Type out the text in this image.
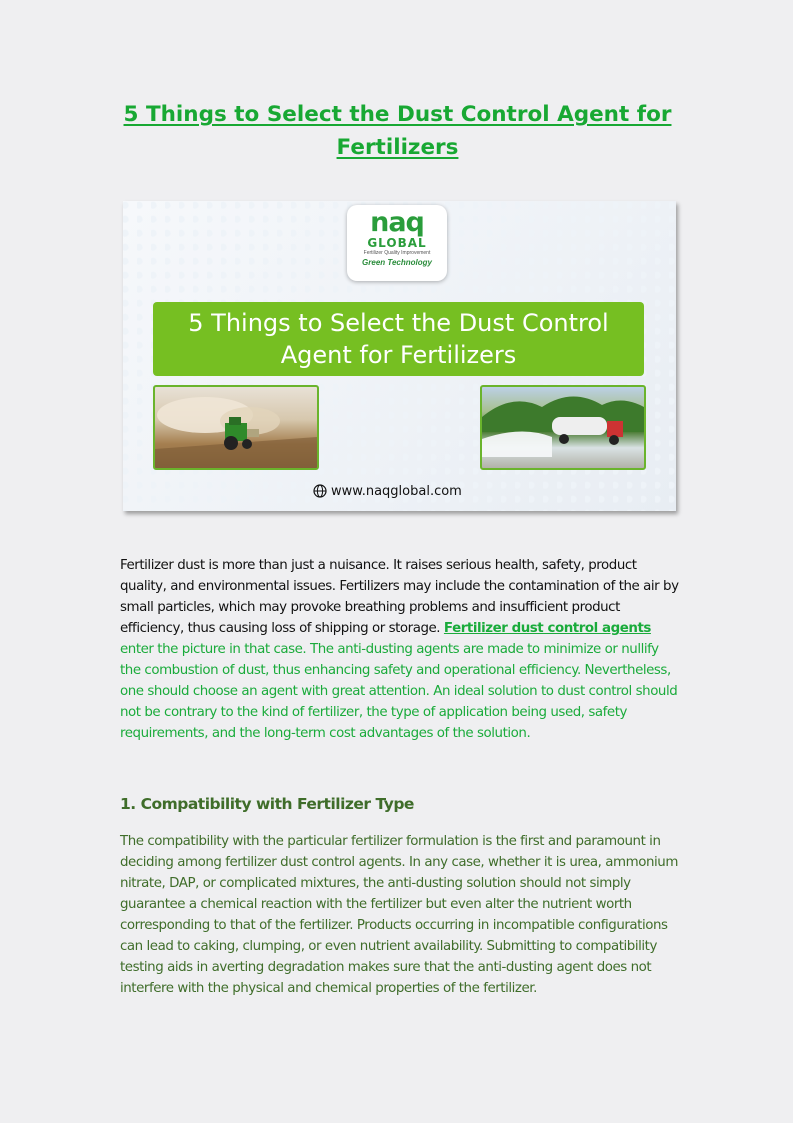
5 Things to Select the Dust Control Agent for Fertilizers
naq
GLOBAL
Fertilizer Quality Improvement
Green Technology
5 Things to Select the Dust Control Agent for Fertilizers
www.naqglobal.com

Fertilizer dust is more than just a nuisance. It raises serious health, safety, product quality, and environmental issues. Fertilizers may include the contamination of the air by small particles, which may provoke breathing problems and insufficient product efficiency, thus causing loss of shipping or storage. Fertilizer dust control agents enter the picture in that case. The anti-dusting agents are made to minimize or nullify the combustion of dust, thus enhancing safety and operational efficiency. Nevertheless, one should choose an agent with great attention. An ideal solution to dust control should not be contrary to the kind of fertilizer, the type of application being used, safety requirements, and the long-term cost advantages of the solution.

1. Compatibility with Fertilizer Type

The compatibility with the particular fertilizer formulation is the first and paramount in deciding among fertilizer dust control agents. In any case, whether it is urea, ammonium nitrate, DAP, or complicated mixtures, the anti-dusting solution should not simply guarantee a chemical reaction with the fertilizer but even alter the nutrient worth corresponding to that of the fertilizer. Products occurring in incompatible configurations can lead to caking, clumping, or even nutrient availability. Submitting to compatibility testing aids in averting degradation makes sure that the anti-dusting agent does not interfere with the physical and chemical properties of the fertilizer.
